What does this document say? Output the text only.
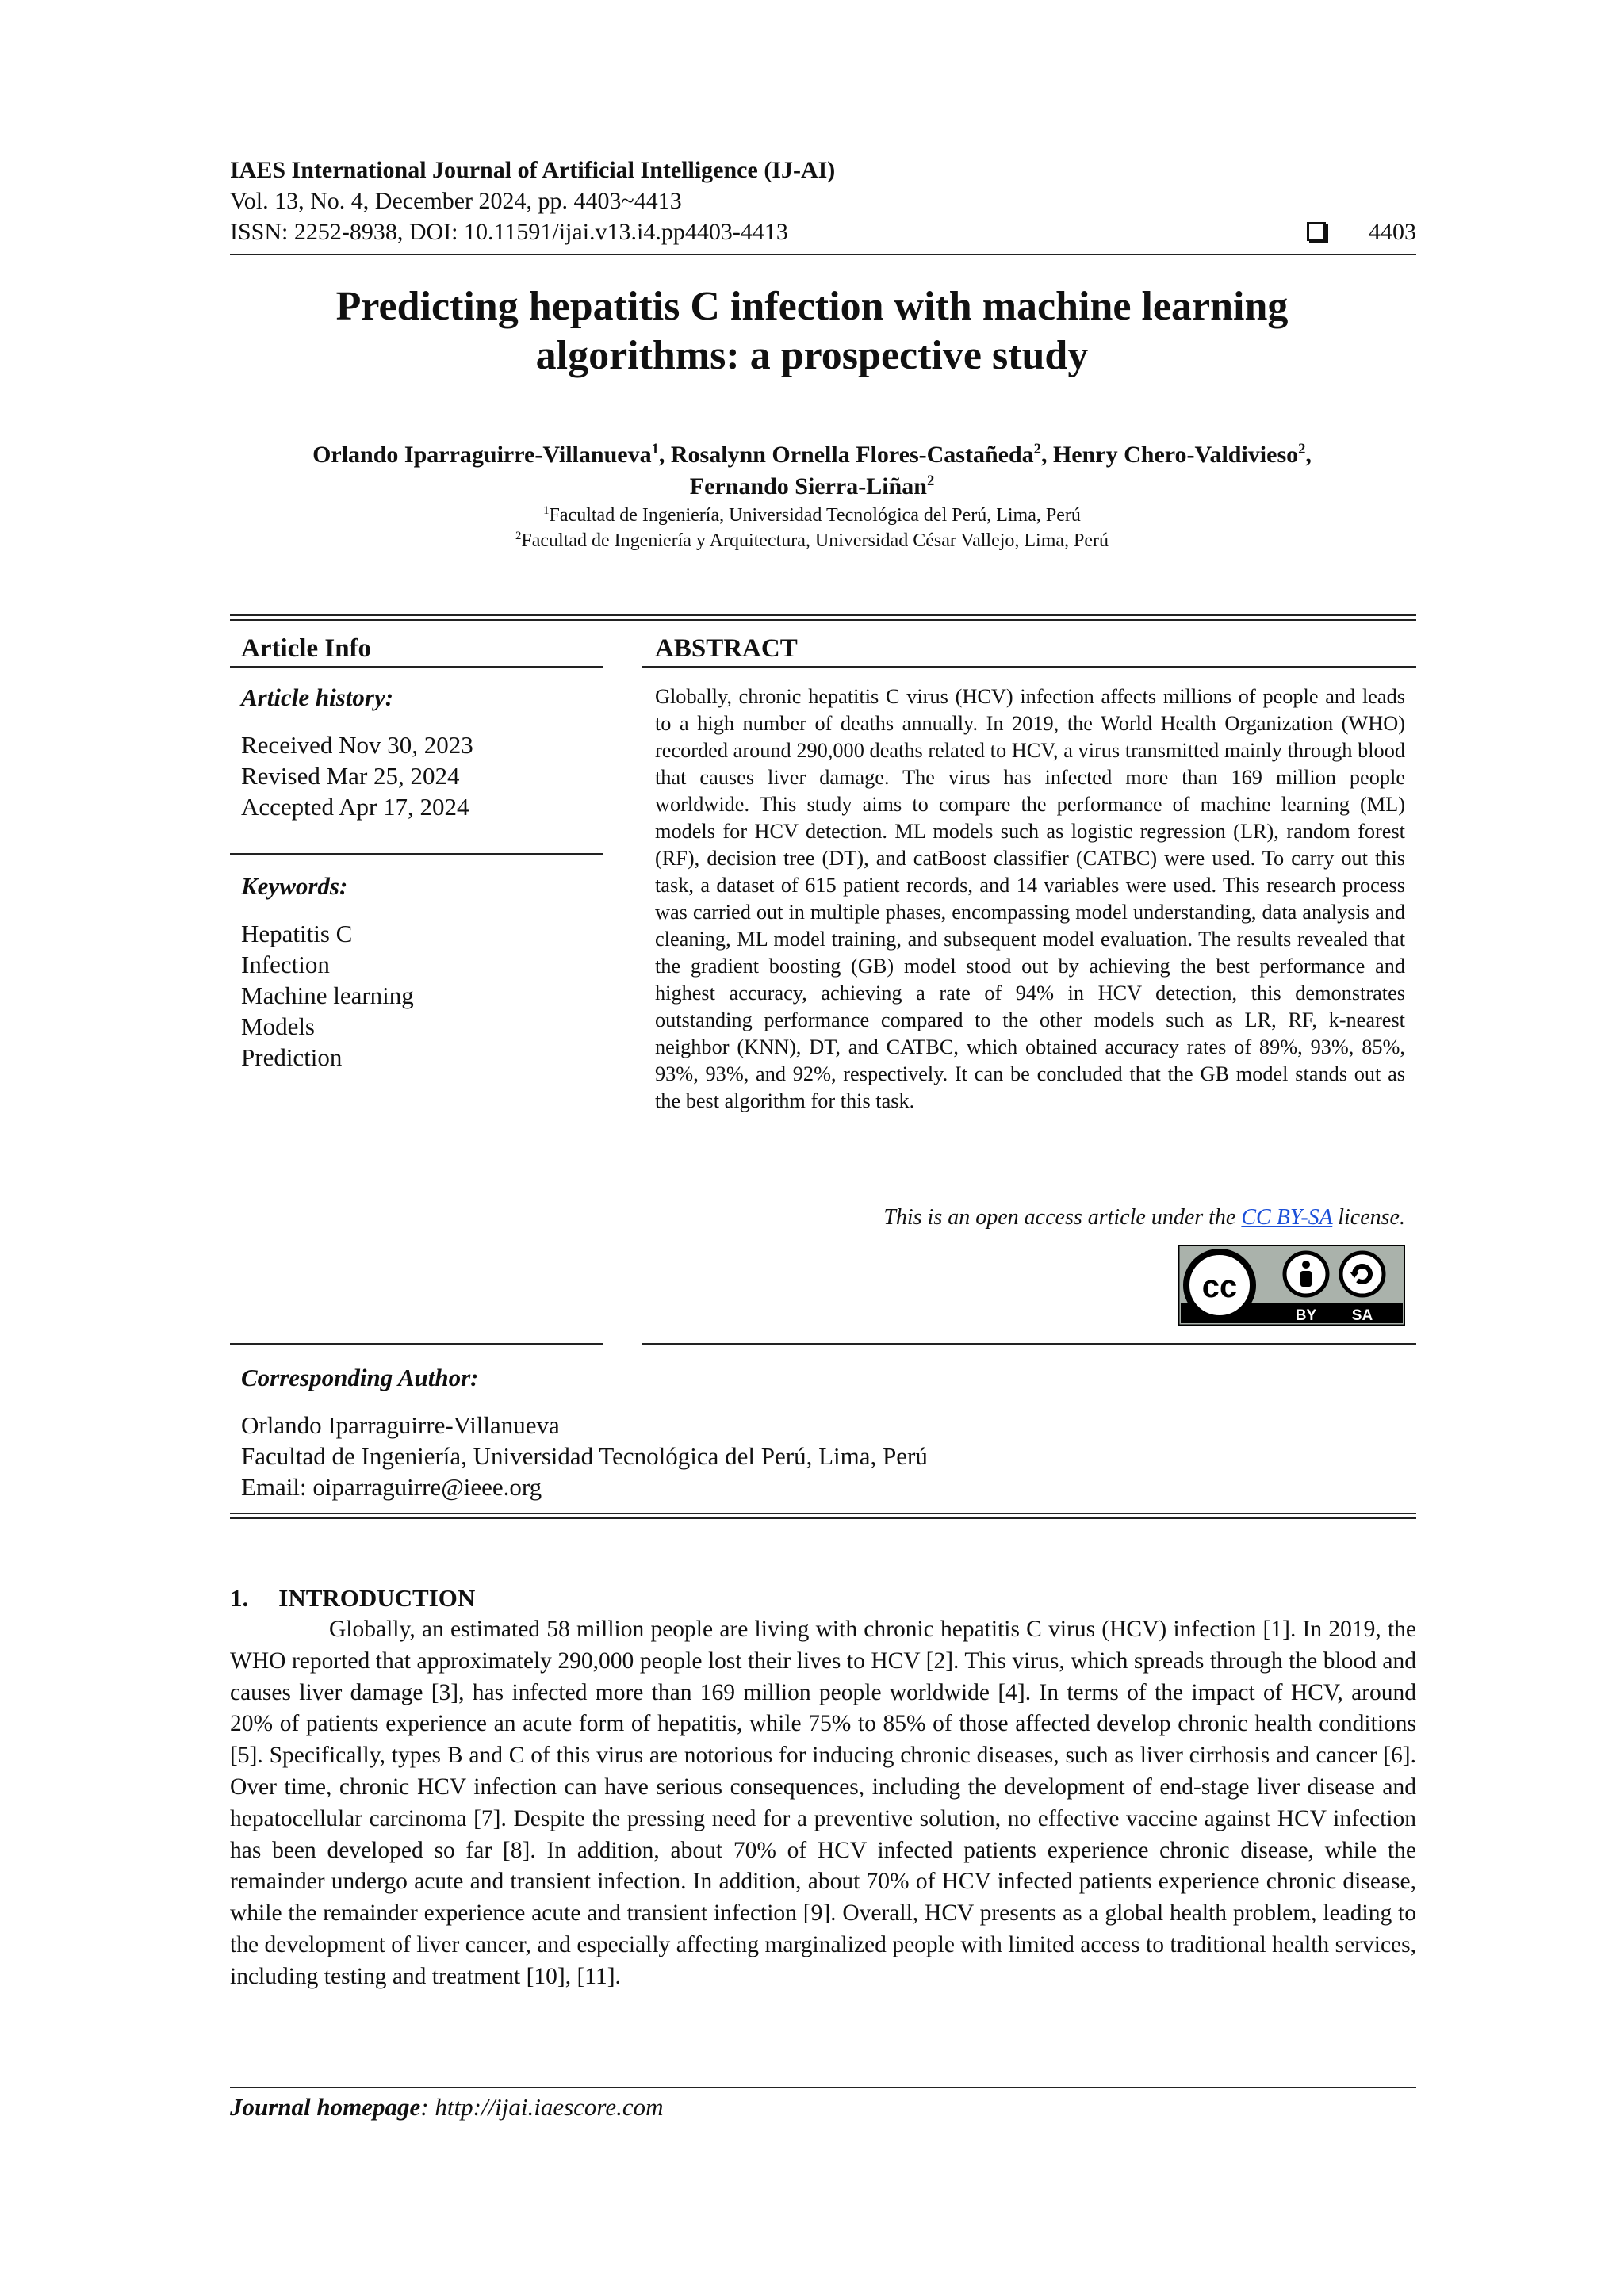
IAES International Journal of Artificial Intelligence (IJ-AI)
Vol. 13, No. 4, December 2024, pp. 4403~4413
ISSN: 2252-8938, DOI: 10.11591/ijai.v13.i4.pp4403-4413	4403
Predicting hepatitis C infection with machine learning
algorithms: a prospective study
Orlando Iparraguirre-Villanueva$^1$, Rosalynn Ornella Flores-Castañeda$^2$, Henry Chero-Valdivieso$^2$,
Fernando Sierra-Liñan$^2$
$^1$Facultad de Ingeniería, Universidad Tecnológica del Perú, Lima, Perú
$^2$Facultad de Ingeniería y Arquitectura, Universidad César Vallejo, Lima, Perú
Article Info
Article history:
Received Nov 30, 2023
Revised Mar 25, 2024
Accepted Apr 17, 2024
Keywords:
Hepatitis C
Infection
Machine learning
Models
Prediction
ABSTRACT
Globally, chronic hepatitis C virus (HCV) infection affects millions of people and leads to a high number of deaths annually. In 2019, the World Health Organization (WHO) recorded around 290,000 deaths related to HCV, a virus transmitted mainly through blood that causes liver damage. The virus has infected more than 169 million people worldwide. This study aims to compare the performance of machine learning (ML) models for HCV detection. ML models such as logistic regression (LR), random forest (RF), decision tree (DT), and catBoost classifier (CATBC) were used. To carry out this task, a dataset of 615 patient records, and 14 variables were used. This research process was carried out in multiple phases, encompassing model understanding, data analysis and cleaning, ML model training, and subsequent model evaluation. The results revealed that the gradient boosting (GB) model stood out by achieving the best performance and highest accuracy, achieving a rate of 94% in HCV detection, this demonstrates outstanding performance compared to the other models such as LR, RF, k-nearest neighbor (KNN), DT, and CATBC, which obtained accuracy rates of 89%, 93%, 85%, 93%, 93%, and 92%, respectively. It can be concluded that the GB model stands out as the best algorithm for this task.
This is an open access article under the CC BY-SA license.
cc
BY SA
Corresponding Author:
Orlando Iparraguirre-Villanueva
Facultad de Ingeniería, Universidad Tecnológica del Perú, Lima, Perú
Email: oiparraguirre@ieee.org
1. INTRODUCTION
Globally, an estimated 58 million people are living with chronic hepatitis C virus (HCV) infection [1]. In 2019, the WHO reported that approximately 290,000 people lost their lives to HCV [2]. This virus, which spreads through the blood and causes liver damage [3], has infected more than 169 million people worldwide [4]. In terms of the impact of HCV, around 20% of patients experience an acute form of hepatitis, while 75% to 85% of those affected develop chronic health conditions [5]. Specifically, types B and C of this virus are notorious for inducing chronic diseases, such as liver cirrhosis and cancer [6]. Over time, chronic HCV infection can have serious consequences, including the development of end-stage liver disease and hepatocellular carcinoma [7]. Despite the pressing need for a preventive solution, no effective vaccine against HCV infection has been developed so far [8]. In addition, about 70% of HCV infected patients experience chronic disease, while the remainder undergo acute and transient infection. In addition, about 70% of HCV infected patients experience chronic disease, while the remainder experience acute and transient infection [9]. Overall, HCV presents as a global health problem, leading to the development of liver cancer, and especially affecting marginalized people with limited access to traditional health services, including testing and treatment [10], [11].
Journal homepage: http://ijai.iaescore.com
